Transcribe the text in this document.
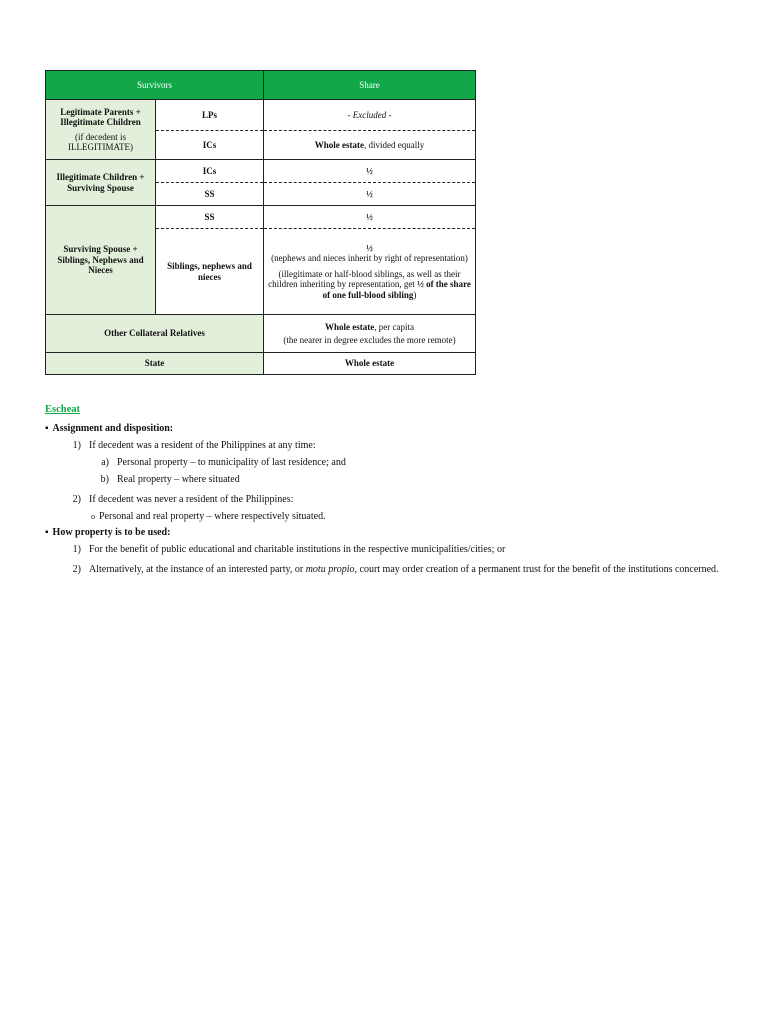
Survivors		Share

Legitimate Parents + Illegitimate Children
(if decedent is ILLEGITIMATE)	LPs	- Excluded -
	ICs	Whole estate, divided equally
Illegitimate Children + Surviving Spouse	ICs	½
	SS	½
Surviving Spouse + Siblings, Nephews and Nieces	SS	½
	Siblings, nephews and nieces	½
(nephews and nieces inherit by right of representation)
(illegitimate or half-blood siblings, as well as their children inheriting by representation, get ½ of the share of one full-blood sibling)

Other Collateral Relatives		Whole estate, per capita
(the nearer in degree excludes the more remote)

State		Whole estate
Escheat
▪ Assignment and disposition:
1) If decedent was a resident of the Philippines at any time:
a) Personal property – to municipality of last residence; and
b) Real property – where situated
2) If decedent was never a resident of the Philippines:
o Personal and real property – where respectively situated.
▪ How property is to be used:
1) For the benefit of public educational and charitable institutions in the respective municipalities/cities; or
2) Alternatively, at the instance of an interested party, or motu propio, court may order creation of a permanent trust for the benefit of the institutions concerned.
